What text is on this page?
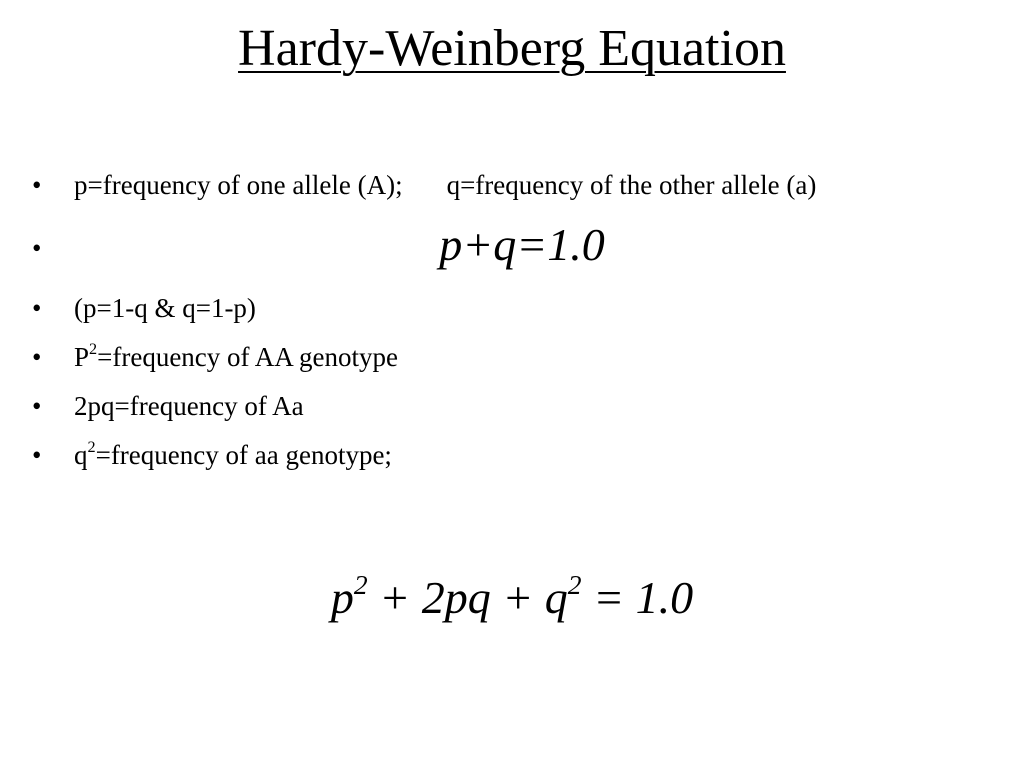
Hardy-Weinberg Equation
•	p=frequency of one allele (A); q=frequency of the other allele (a)
•	p+q=1.0
•	(p=1-q & q=1-p)
•	$P^2=frequency$ of AA genotype
•	2pq=frequency of Aa
•	$q^2=frequency$ of aa genotype;
$p^2 + 2pq + q^2 = 1.0$
